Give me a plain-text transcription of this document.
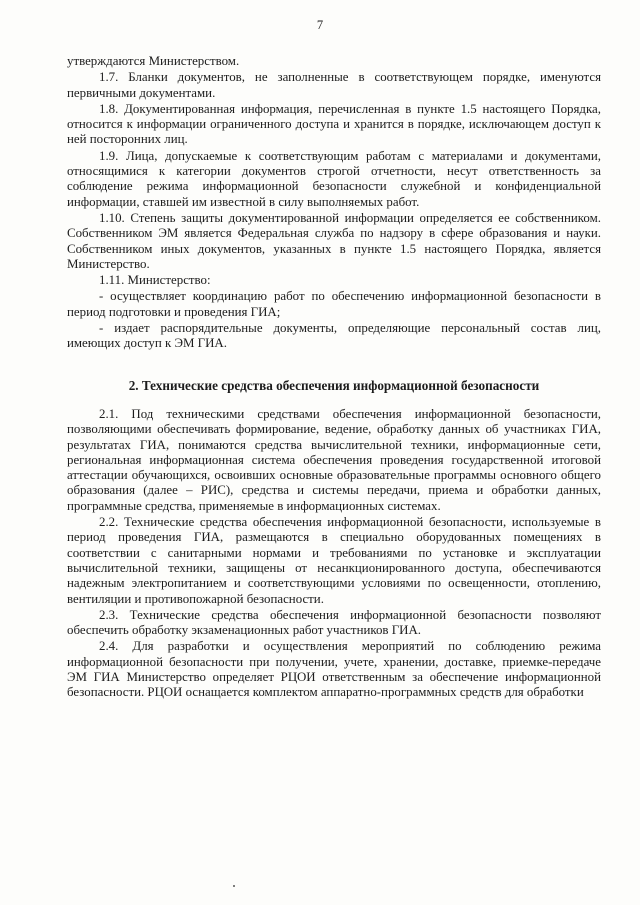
7

утверждаются Министерством.

1.7. Бланки документов, не заполненные в соответствующем порядке, именуются первичными документами.

1.8. Документированная информация, перечисленная в пункте 1.5 настоящего Порядка, относится к информации ограниченного доступа и хранится в порядке, исключающем доступ к ней посторонних лиц.

1.9. Лица, допускаемые к соответствующим работам с материалами и документами, относящимися к категории документов строгой отчетности, несут ответственность за соблюдение режима информационной безопасности служебной и конфиденциальной информации, ставшей им известной в силу выполняемых работ.

1.10. Степень защиты документированной информации определяется ее собственником. Собственником ЭМ является Федеральная служба по надзору в сфере образования и науки. Собственником иных документов, указанных в пункте 1.5 настоящего Порядка, является Министерство.

1.11. Министерство:

- осуществляет координацию работ по обеспечению информационной безопасности в период подготовки и проведения ГИА;

- издает распорядительные документы, определяющие персональный состав лиц, имеющих доступ к ЭМ ГИА.

2. Технические средства обеспечения информационной безопасности

2.1. Под техническими средствами обеспечения информационной безопасности, позволяющими обеспечивать формирование, ведение, обработку данных об участниках ГИА, результатах ГИА, понимаются средства вычислительной техники, информационные сети, региональная информационная система обеспечения проведения государственной итоговой аттестации обучающихся, освоивших основные образовательные программы основного общего образования (далее – РИС), средства и системы передачи, приема и обработки данных, программные средства, применяемые в информационных системах.

2.2. Технические средства обеспечения информационной безопасности, используемые в период проведения ГИА, размещаются в специально оборудованных помещениях в соответствии с санитарными нормами и требованиями по установке и эксплуатации вычислительной техники, защищены от несанкционированного доступа, обеспечиваются надежным электропитанием и соответствующими условиями по освещенности, отоплению, вентиляции и противопожарной безопасности.

2.3. Технические средства обеспечения информационной безопасности позволяют обеспечить обработку экзаменационных работ участников ГИА.

2.4. Для разработки и осуществления мероприятий по соблюдению режима информационной безопасности при получении, учете, хранении, доставке, приемке-передаче ЭМ ГИА Министерство определяет РЦОИ ответственным за обеспечение информационной безопасности. РЦОИ оснащается комплектом аппаратно-программных средств для обработки
